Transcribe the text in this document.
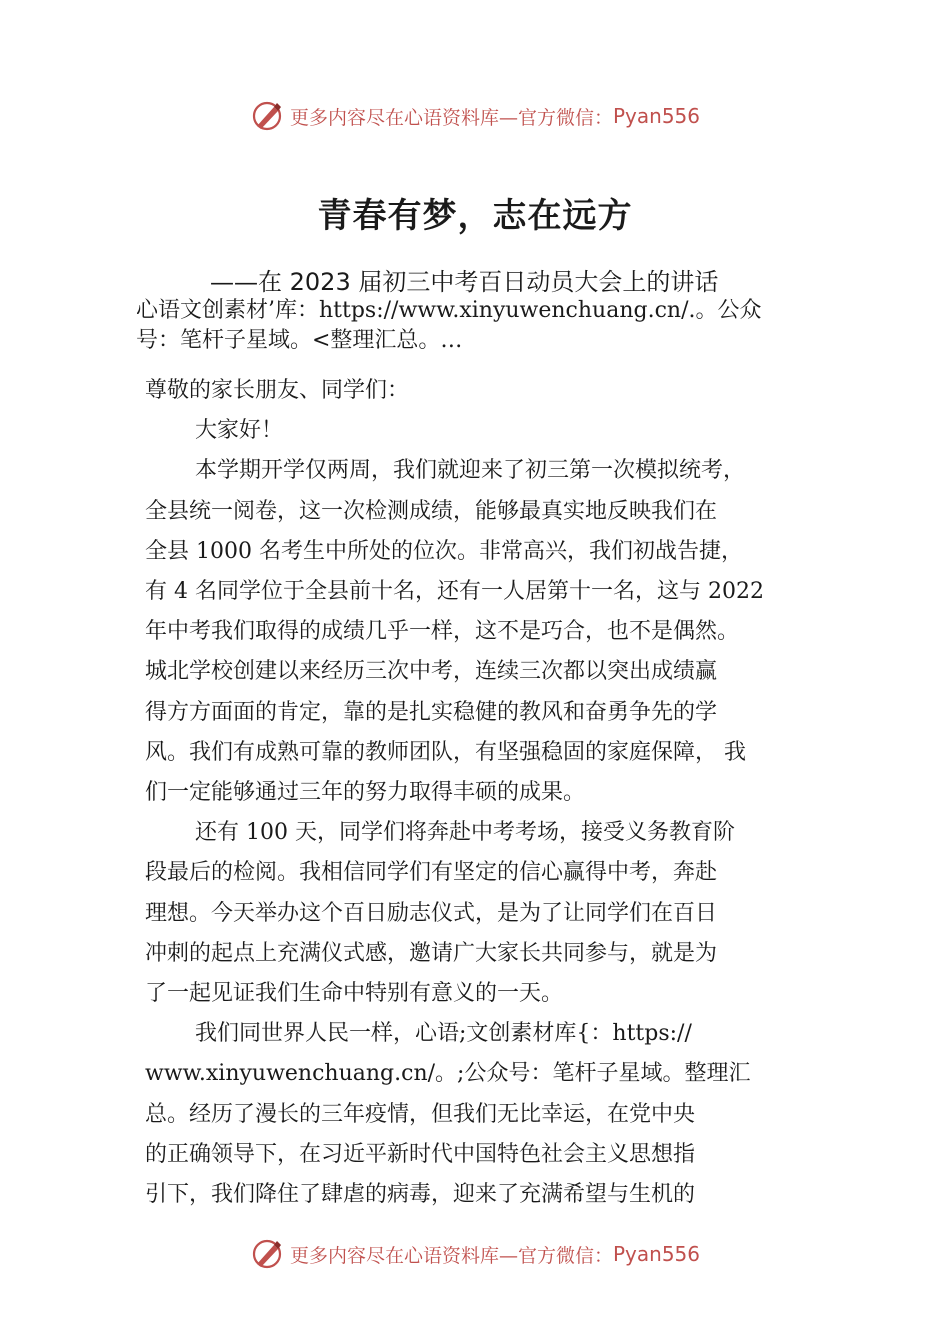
更多内容尽在心语资料库—官方微信： Pyan556
青春有梦，志在远方
——在 2023 届初三中考百日动员大会上的讲话
心语文创素材’库：https://www.xinyuwenchuang.cn/.。公众
号：笔杆子星域。<整理汇总。…

尊敬的家长朋友、同学们：

大家好！

本学期开学仅两周，我们就迎来了初三第一次模拟统考，

全县统一阅卷，这一次检测成绩，能够最真实地反映我们在

全县 1000 名考生中所处的位次。非常高兴，我们初战告捷，

有 4 名同学位于全县前十名，还有一人居第十一名，这与 2022

年中考我们取得的成绩几乎一样，这不是巧合，也不是偶然。

城北学校创建以来经历三次中考，连续三次都以突出成绩赢

得方方面面的肯定，靠的是扎实稳健的教风和奋勇争先的学

风。我们有成熟可靠的教师团队，有坚强稳固的家庭保障， 我

们一定能够通过三年的努力取得丰硕的成果。

还有 100 天，同学们将奔赴中考考场，接受义务教育阶

段最后的检阅。我相信同学们有坚定的信心赢得中考，奔赴

理想。今天举办这个百日励志仪式，是为了让同学们在百日

冲刺的起点上充满仪式感，邀请广大家长共同参与，就是为

了一起见证我们生命中特别有意义的一天。

我们同世界人民一样，心语;文创素材库{：https://

www.xinyuwenchuang.cn/。;公众号：笔杆子星域。整理汇

总。经历了漫长的三年疫情，但我们无比幸运，在党中央

的正确领导下，在习近平新时代中国特色社会主义思想指

引下，我们降住了肆虐的病毒，迎来了充满希望与生机的

更多内容尽在心语资料库—官方微信： Pyan556
